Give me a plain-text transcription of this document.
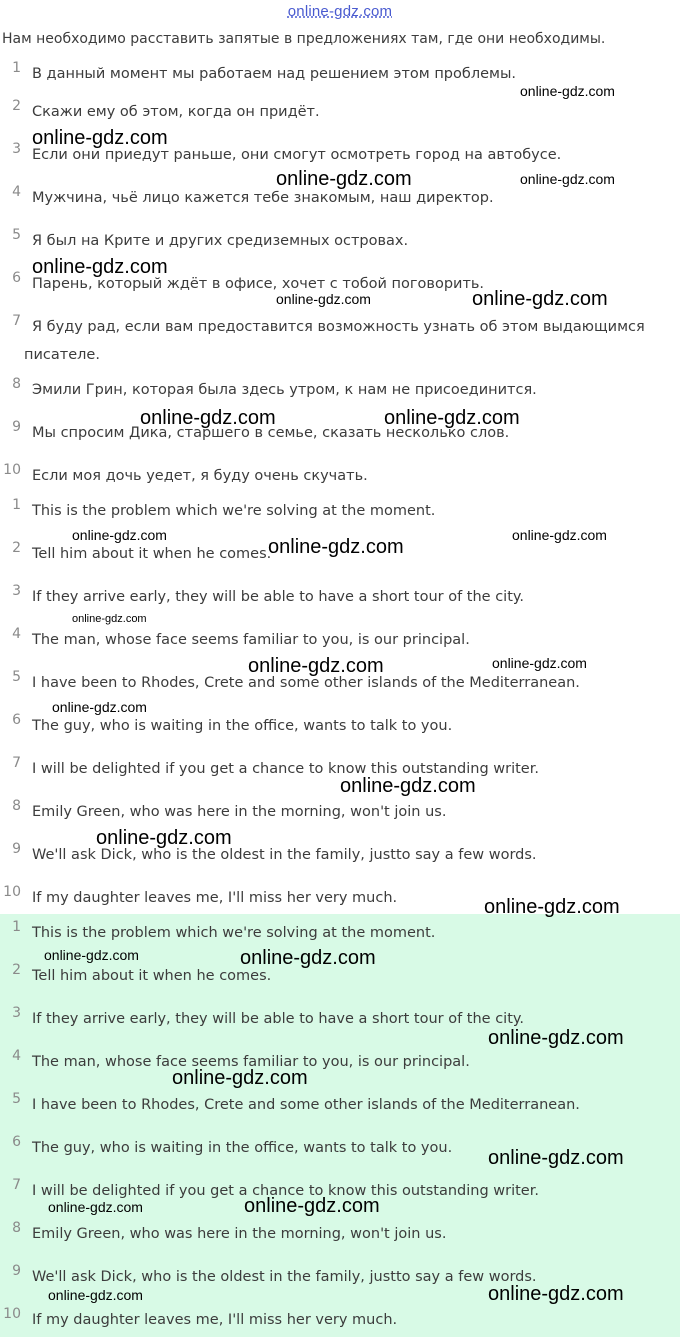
online-gdz.com
Нам необходимо расставить запятые в предложениях там, где они необходимы.
1 В данный момент мы работаем над решением этом проблемы.
2 Скажи ему об этом, когда он придёт.
3 Если они приедут раньше, они смогут осмотреть город на автобусе.
4 Мужчина, чьё лицо кажется тебе знакомым, наш директор.
5 Я был на Крите и других средиземных островах.
6 Парень, который ждёт в офисе, хочет с тобой поговорить.
7 Я буду рад, если вам предоставится возможность узнать об этом выдающимся
писателе.
8 Эмили Грин, которая была здесь утром, к нам не присоединится.
9 Мы спросим Дика, старшего в семье, сказать несколько слов.
10 Если моя дочь уедет, я буду очень скучать.
1 This is the problem which we're solving at the moment.
2 Tell him about it when he comes.
3 If they arrive early, they will be able to have a short tour of the city.
4 The man, whose face seems familiar to you, is our principal.
5 I have been to Rhodes, Crete and some other islands of the Mediterranean.
6 The guy, who is waiting in the office, wants to talk to you.
7 I will be delighted if you get a chance to know this outstanding writer.
8 Emily Green, who was here in the morning, won't join us.
9 We'll ask Dick, who is the oldest in the family, justto say a few words.
10 If my daughter leaves me, I'll miss her very much.
1 This is the problem which we're solving at the moment.
2 Tell him about it when he comes.
3 If they arrive early, they will be able to have a short tour of the city.
4 The man, whose face seems familiar to you, is our principal.
5 I have been to Rhodes, Crete and some other islands of the Mediterranean.
6 The guy, who is waiting in the office, wants to talk to you.
7 I will be delighted if you get a chance to know this outstanding writer.
8 Emily Green, who was here in the morning, won't join us.
9 We'll ask Dick, who is the oldest in the family, justto say a few words.
10 If my daughter leaves me, I'll miss her very much.
online-gdz.com
online-gdz.com
online-gdz.com	online-gdz.com
online-gdz.com
online-gdz.com	online-gdz.com
online-gdz.com	online-gdz.com
online-gdz.com	online-gdz.com
online-gdz.com
online-gdz.com
online-gdz.com	online-gdz.com
online-gdz.com
online-gdz.com
online-gdz.com
online-gdz.com
online-gdz.com	online-gdz.com
online-gdz.com
online-gdz.com
online-gdz.com
online-gdz.com	online-gdz.com
online-gdz.com	online-gdz.com
